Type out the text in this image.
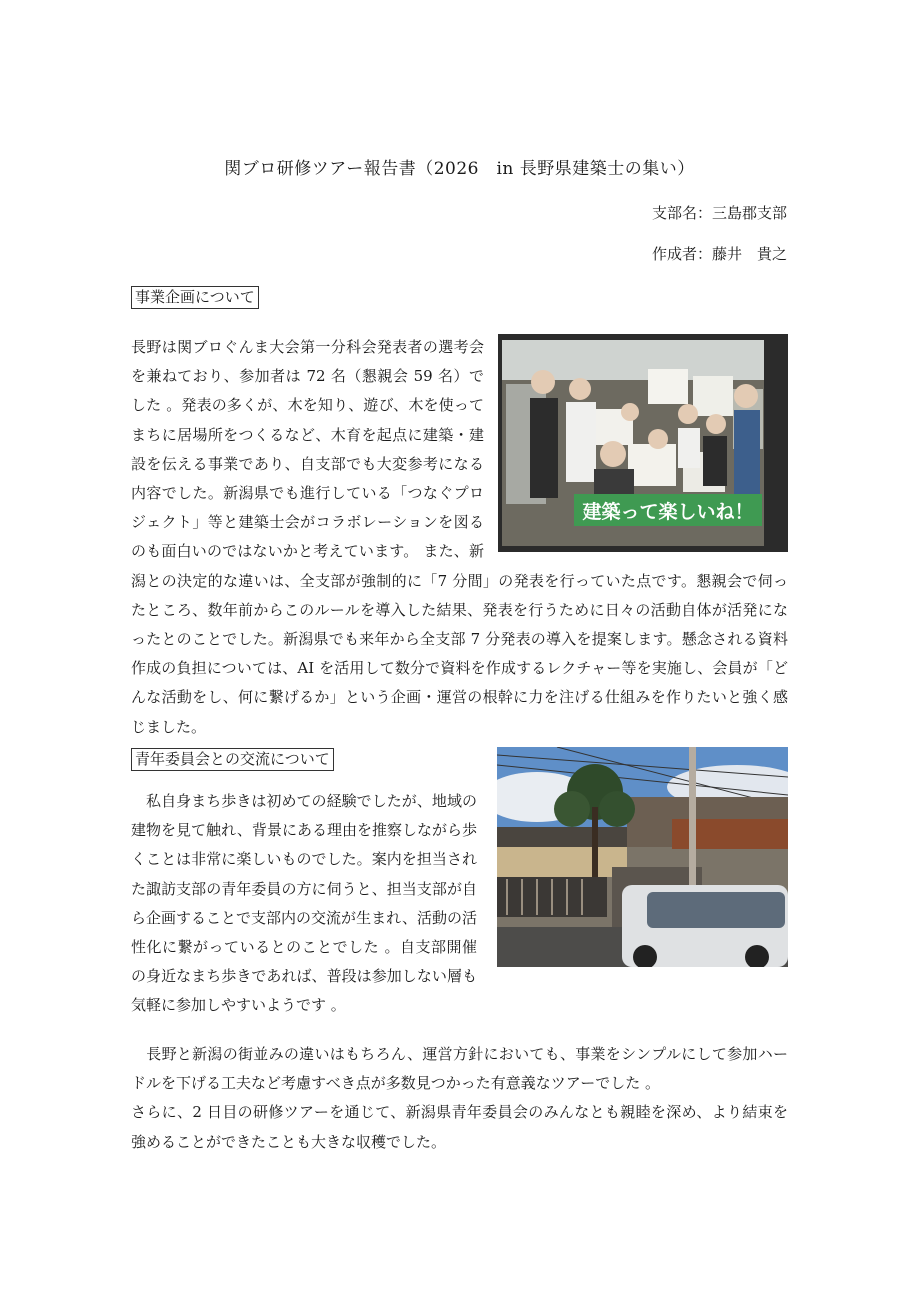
関ブロ研修ツアー報告書（2026　in 長野県建築士の集い）
支部名：三島郡支部
作成者：藤井　貴之
事業企画について
建築って楽しいね！
長野は関ブロぐんま大会第一分科会発表者の選考会を兼ねており、参加者は 72 名（懇親会 59 名）でした 。発表の多くが、木を知り、遊び、木を使ってまちに居場所をつくるなど、木育を起点に建築・建設を伝える事業であり、自支部でも大変参考になる内容でした。新潟県でも進行している「つなぐプロジェクト」等と建築士会がコラボレーションを図るのも面白いのではないかと考えています。 また、新潟との決定的な違いは、全支部が強制的に「7 分間」の発表を行っていた点です。懇親会で伺ったところ、数年前からこのルールを導入した結果、発表を行うために日々の活動自体が活発になったとのことでした。新潟県でも来年から全支部 7 分発表の導入を提案します。懸念される資料作成の負担については、AI を活用して数分で資料を作成するレクチャー等を実施し、会員が「どんな活動をし、何に繋げるか」という企画・運営の根幹に力を注げる仕組みを作りたいと強く感じました。
青年委員会との交流について
私自身まち歩きは初めての経験でしたが、地域の建物を見て触れ、背景にある理由を推察しながら歩くことは非常に楽しいものでした。案内を担当された諏訪支部の青年委員の方に伺うと、担当支部が自ら企画することで支部内の交流が生まれ、活動の活性化に繋がっているとのことでした 。自支部開催の身近なまち歩きであれば、普段は参加しない層も気軽に参加しやすいようです 。
長野と新潟の街並みの違いはもちろん、運営方針においても、事業をシンプルにして参加ハードルを下げる工夫など考慮すべき点が多数見つかった有意義なツアーでした 。
さらに、2 日目の研修ツアーを通じて、新潟県青年委員会のみんなとも親睦を深め、より結束を強めることができたことも大きな収穫でした。
